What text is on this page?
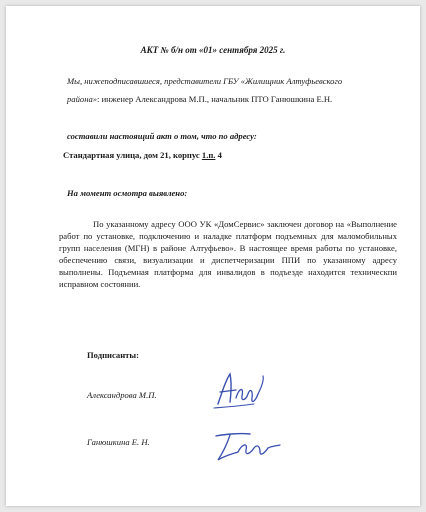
АКТ № б/н от «01» сентября 2025 г.
Мы, нижеподписавшиеся, представители ГБУ «Жилищник Алтуфьевского
района»: инженер Александрова М.П., начальник ПТО Ганюшкина Е.Н.
составили настоящий акт о том, что по адресу:
Стандартная улица, дом 21, корпус 1.п. 4
На момент осмотра выявлено:
По указанному адресу ООО УК «ДомСервис» заключен договор на «Выполнение работ по установке, подключению и наладке платформ подъемных для маломобильных групп населения (МГН) в районе Алтуфьево». В настоящее время работы по установке, обеспечению связи, визуализации и диспетчеризации ППИ по указанному адресу выполнены. Подъемная платформа для инвалидов в подъезде находится техническпи исправном состоянии.
Подписанты:
Александрова М.П.
Ганюшкина Е. Н.
